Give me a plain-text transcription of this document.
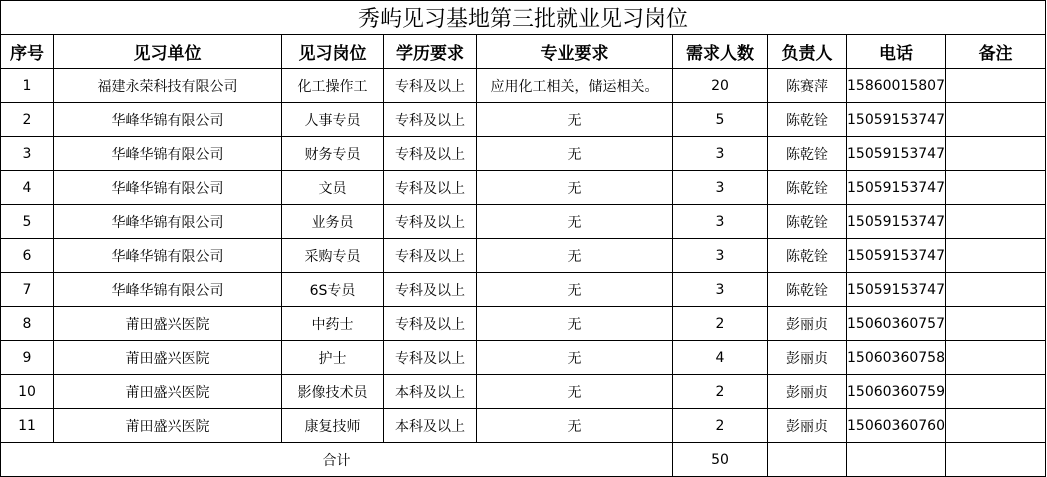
秀屿见习基地第三批就业见习岗位								
序号	见习单位	见习岗位	学历要求	专业要求	需求人数	负责人	电话	备注
1	福建永荣科技有限公司	化工操作工	专科及以上	应用化工相关，储运相关。	20	陈赛萍	15860015807	
2	华峰华锦有限公司	人事专员	专科及以上	无	5	陈乾铨	15059153747	
3	华峰华锦有限公司	财务专员	专科及以上	无	3	陈乾铨	15059153747	
4	华峰华锦有限公司	文员	专科及以上	无	3	陈乾铨	15059153747	
5	华峰华锦有限公司	业务员	专科及以上	无	3	陈乾铨	15059153747	
6	华峰华锦有限公司	采购专员	专科及以上	无	3	陈乾铨	15059153747	
7	华峰华锦有限公司	6S专员	专科及以上	无	3	陈乾铨	15059153747	
8	莆田盛兴医院	中药士	专科及以上	无	2	彭丽贞	15060360757	
9	莆田盛兴医院	护士	专科及以上	无	4	彭丽贞	15060360758	
10	莆田盛兴医院	影像技术员	本科及以上	无	2	彭丽贞	15060360759	
11	莆田盛兴医院	康复技师	本科及以上	无	2	彭丽贞	15060360760	
合计					50			
